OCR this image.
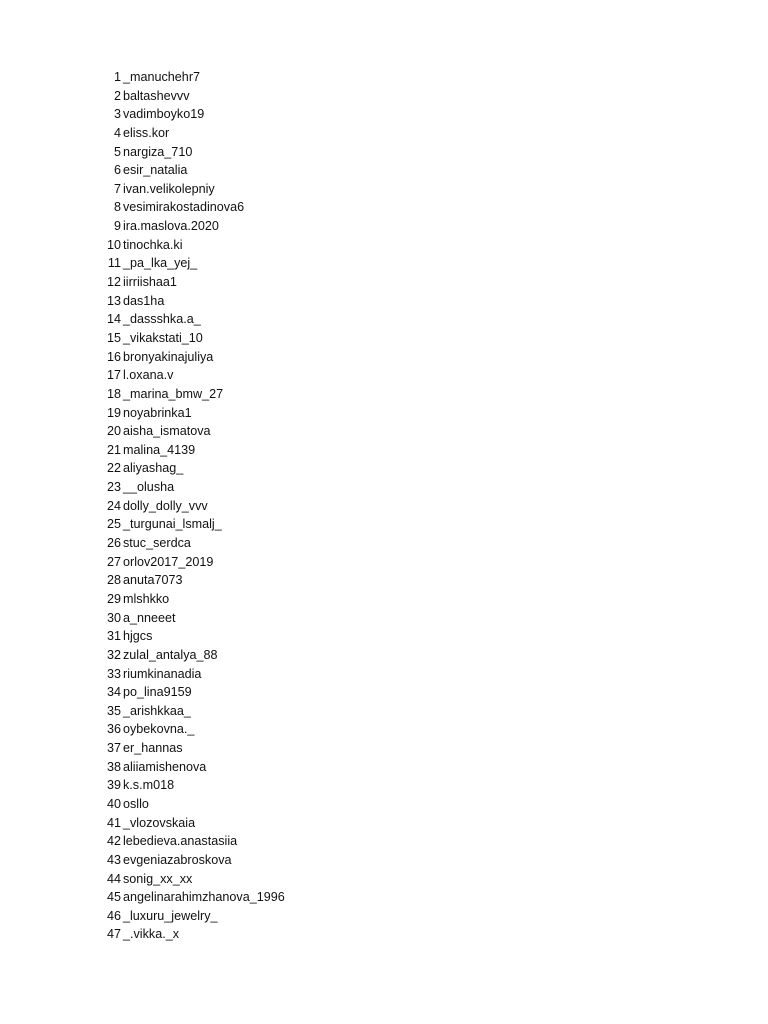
1 _manuchehr7
2 baltashevvv
3 vadimboyko19
4 eliss.kor
5 nargiza_710
6 esir_natalia
7 ivan.velikolepniy
8 vesimirakostadinova6
9 ira.maslova.2020
10 tinochka.ki
11 _pa_lka_yej_
12 iirriishaa1
13 das1ha
14 _dassshka.a_
15 _vikakstati_10
16 bronyakinajuliya
17 l.oxana.v
18 _marina_bmw_27
19 noyabrinka1
20 aisha_ismatova
21 malina_4139
22 aliyashag_
23 __olusha
24 dolly_dolly_vvv
25 _turgunai_lsmalj_
26 stuc_serdca
27 orlov2017_2019
28 anuta7073
29 mlshkko
30 a_nneeet
31 hjgcs
32 zulal_antalya_88
33 riumkinanadia
34 po_lina9159
35 _arishkkaa_
36 oybekovna._
37 er_hannas
38 aliiamishenova
39 k.s.m018
40 osllo
41 _vlozovskaia
42 lebedieva.anastasiia
43 evgeniazabroskova
44 sonig_xx_xx
45 angelinarahimzhanova_1996
46 _luxuru_jewelry_
47 _.vikka._x
